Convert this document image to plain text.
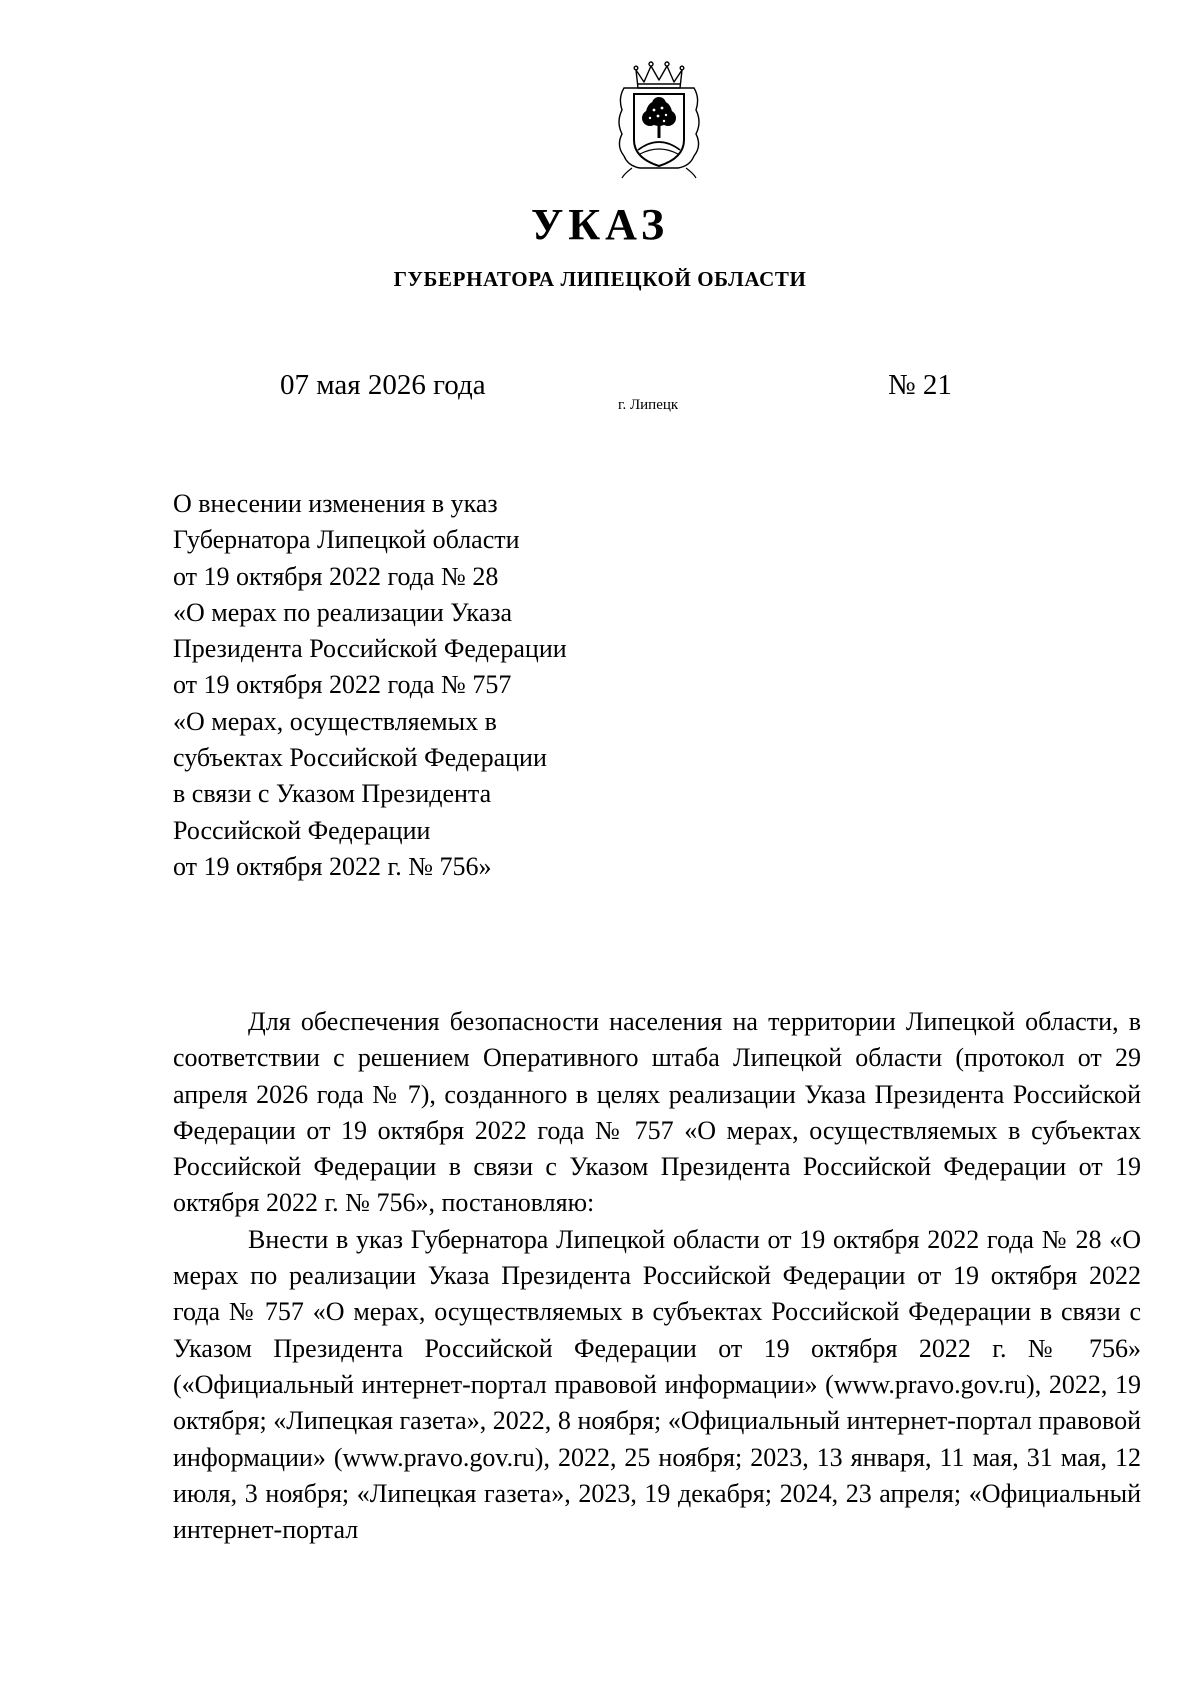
УКАЗ
ГУБЕРНАТОРА ЛИПЕЦКОЙ ОБЛАСТИ
07 мая 2026 года
г. Липецк
№ 21
О внесении изменения в указ
Губернатора Липецкой области
от 19 октября 2022 года № 28
«О мерах по реализации Указа
Президента Российской Федерации
от 19 октября 2022 года № 757
«О мерах, осуществляемых в
субъектах Российской Федерации
в связи с Указом Президента
Российской Федерации
от 19 октября 2022 г. № 756»

Для обеспечения безопасности населения на территории Липецкой области, в соответствии с решением Оперативного штаба Липецкой области (протокол от 29 апреля 2026 года № 7), созданного в целях реализации Указа Президента Российской Федерации от 19 октября 2022 года № 757 «О мерах, осуществляемых в субъектах Российской Федерации в связи с Указом Президента Российской Федерации от 19 октября 2022 г. № 756», постановляю:

Внести в указ Губернатора Липецкой области от 19 октября 2022 года № 28 «О мерах по реализации Указа Президента Российской Федерации от 19 октября 2022 года № 757 «О мерах, осуществляемых в субъектах Российской Федерации в связи с Указом Президента Российской Федерации от 19 октября 2022 г. № 756» («Официальный интернет-портал правовой информации» (www.pravo.gov.ru), 2022, 19 октября; «Липецкая газета», 2022, 8 ноября; «Официальный интернет-портал правовой информации» (www.pravo.gov.ru), 2022, 25 ноября; 2023, 13 января, 11 мая, 31 мая, 12 июля, 3 ноября; «Липецкая газета», 2023, 19 декабря; 2024, 23 апреля; «Официальный интернет-портал
